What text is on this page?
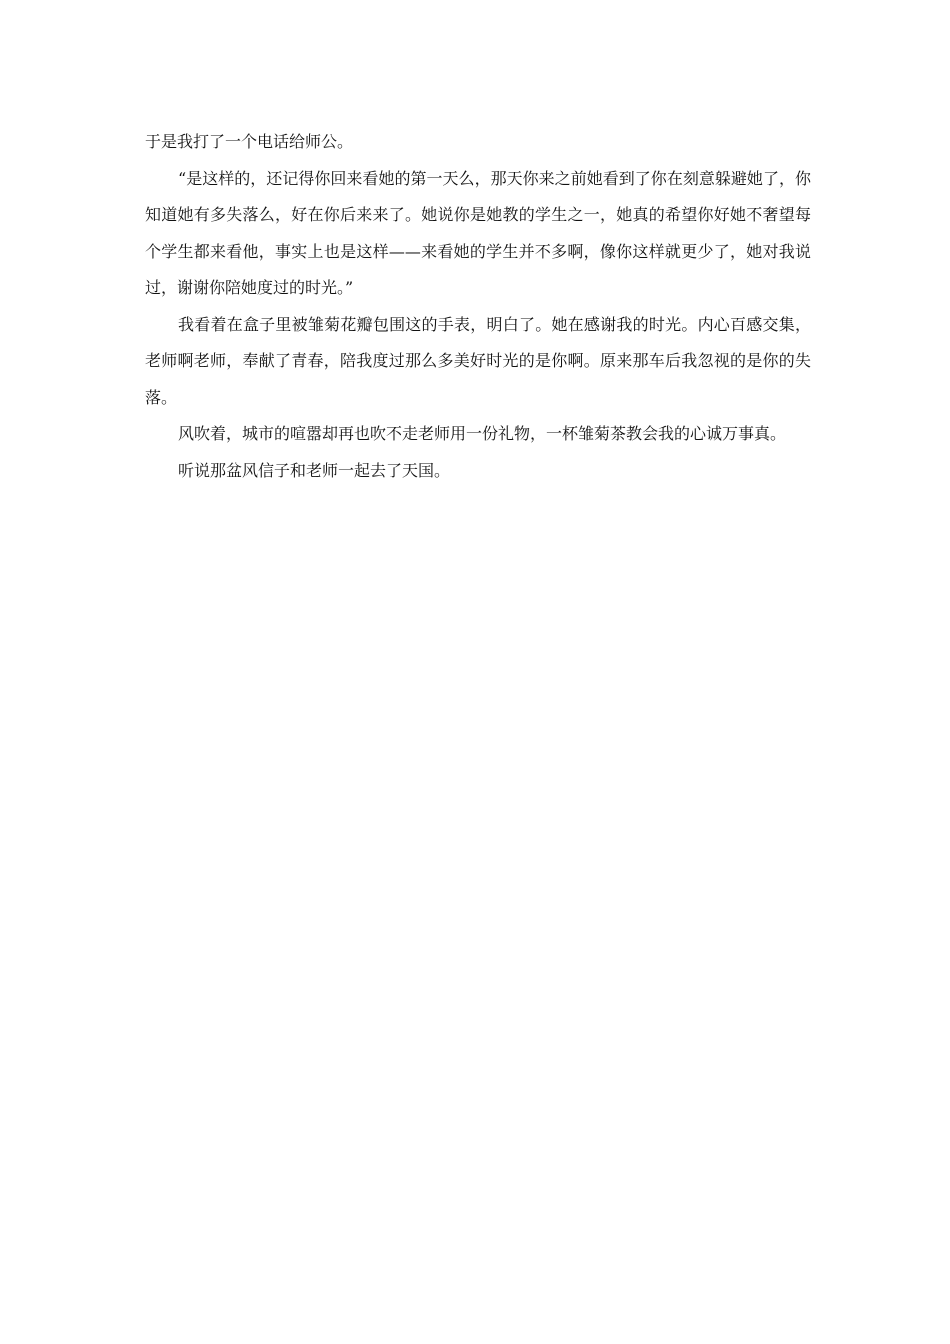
于是我打了一个电话给师公。

“是这样的，还记得你回来看她的第一天么，那天你来之前她看到了你在刻意躲避她了，你知道她有多失落么，好在你后来来了。她说你是她教的学生之一，她真的希望你好她不奢望每个学生都来看他，事实上也是这样——来看她的学生并不多啊，像你这样就更少了，她对我说过，谢谢你陪她度过的时光。”

我看着在盒子里被雏菊花瓣包围这的手表，明白了。她在感谢我的时光。内心百感交集，老师啊老师，奉献了青春，陪我度过那么多美好时光的是你啊。原来那车后我忽视的是你的失落。

风吹着，城市的喧嚣却再也吹不走老师用一份礼物，一杯雏菊茶教会我的心诚万事真。

听说那盆风信子和老师一起去了天国。
